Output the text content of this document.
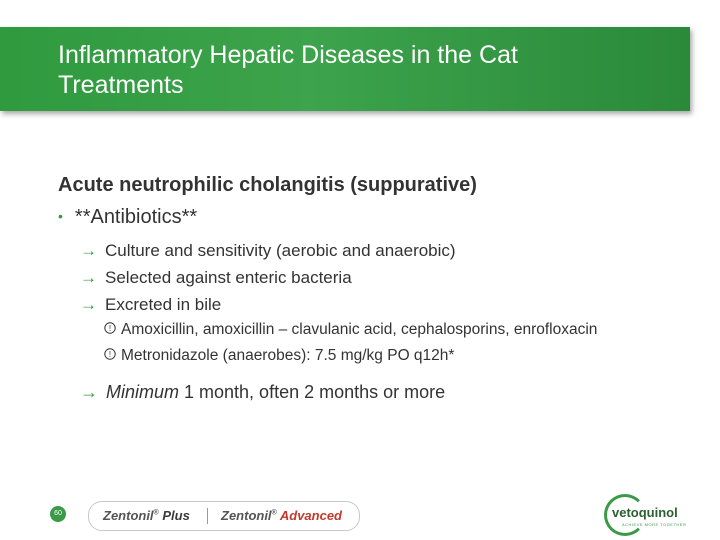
Inflammatory Hepatic Diseases in the Cat
Treatments
Acute neutrophilic cholangitis (suppurative)
• **Antibiotics**
→ Culture and sensitivity (aerobic and anaerobic)
→ Selected against enteric bacteria
→ Excreted in bile
! Amoxicillin, amoxicillin – clavulanic acid, cephalosporins, enrofloxacin
! Metronidazole (anaerobes): 7.5 mg/kg PO q12h*
→ Minimum 1 month, often 2 months or more
60	Zentonil® Plus Zentonil® Advanced	vetoquinol
ACHIEVE MORE TOGETHER
